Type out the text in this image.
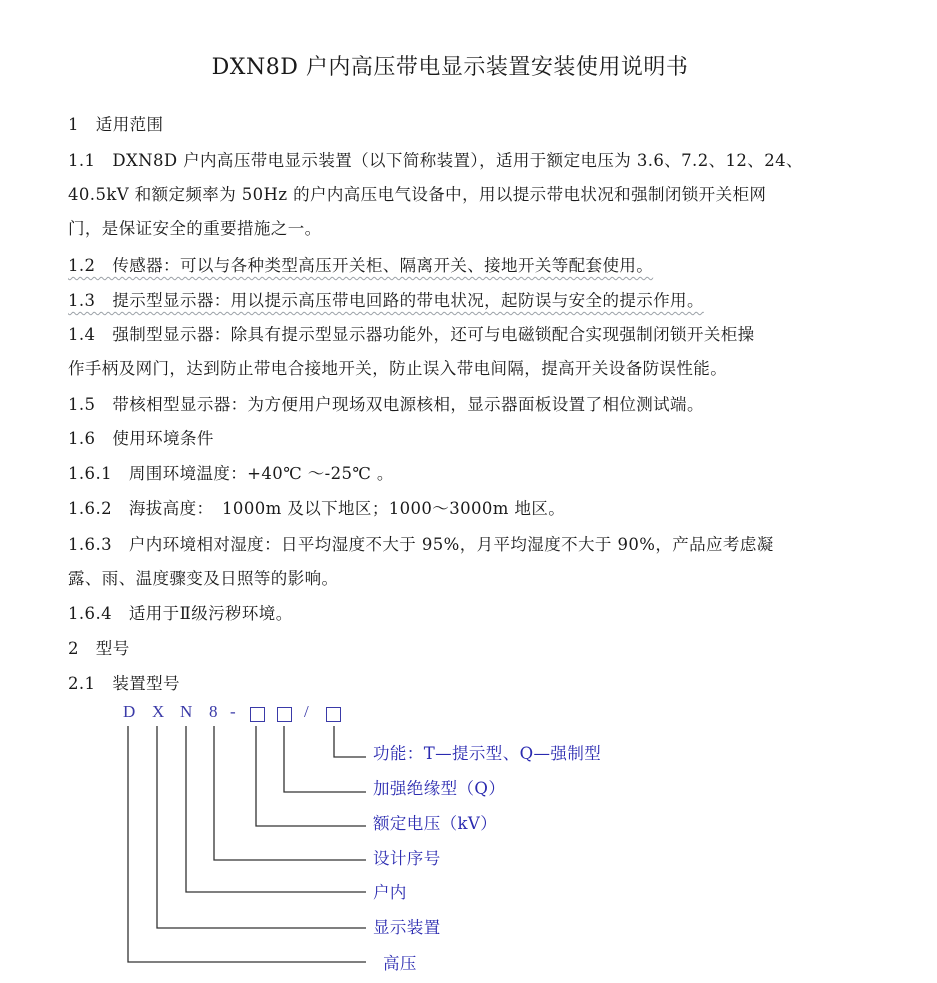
DXN8D 户内高压带电显示装置安装使用说明书
1　适用范围
1.1　DXN8D 户内高压带电显示装置（以下简称装置），适用于额定电压为 3.6、7.2、12、24、
40.5kV 和额定频率为 50Hz 的户内高压电气设备中，用以提示带电状况和强制闭锁开关柜网
门，是保证安全的重要措施之一。
1.2　传感器：可以与各种类型高压开关柜、隔离开关、接地开关等配套使用。
1.3　提示型显示器：用以提示高压带电回路的带电状况，起防误与安全的提示作用。
1.4　强制型显示器：除具有提示型显示器功能外，还可与电磁锁配合实现强制闭锁开关柜操
作手柄及网门，达到防止带电合接地开关，防止误入带电间隔，提高开关设备防误性能。
1.5　带核相型显示器：为方便用户现场双电源核相，显示器面板设置了相位测试端。
1.6　使用环境条件
1.6.1　周围环境温度：+40℃ ～-25℃ 。
1.6.2　海拔高度：　1000m 及以下地区；1000～3000m 地区。
1.6.3　户内环境相对湿度：日平均湿度不大于 95%，月平均湿度不大于 90%，产品应考虑凝
露、雨、温度骤变及日照等的影响。
1.6.4　适用于Ⅱ级污秽环境。
2　型号
2.1　装置型号
D X N 8 -	/
功能：T—提示型、Q—强制型
加强绝缘型（Q）
额定电压（kV）
设计序号
户内
显示装置
高压
